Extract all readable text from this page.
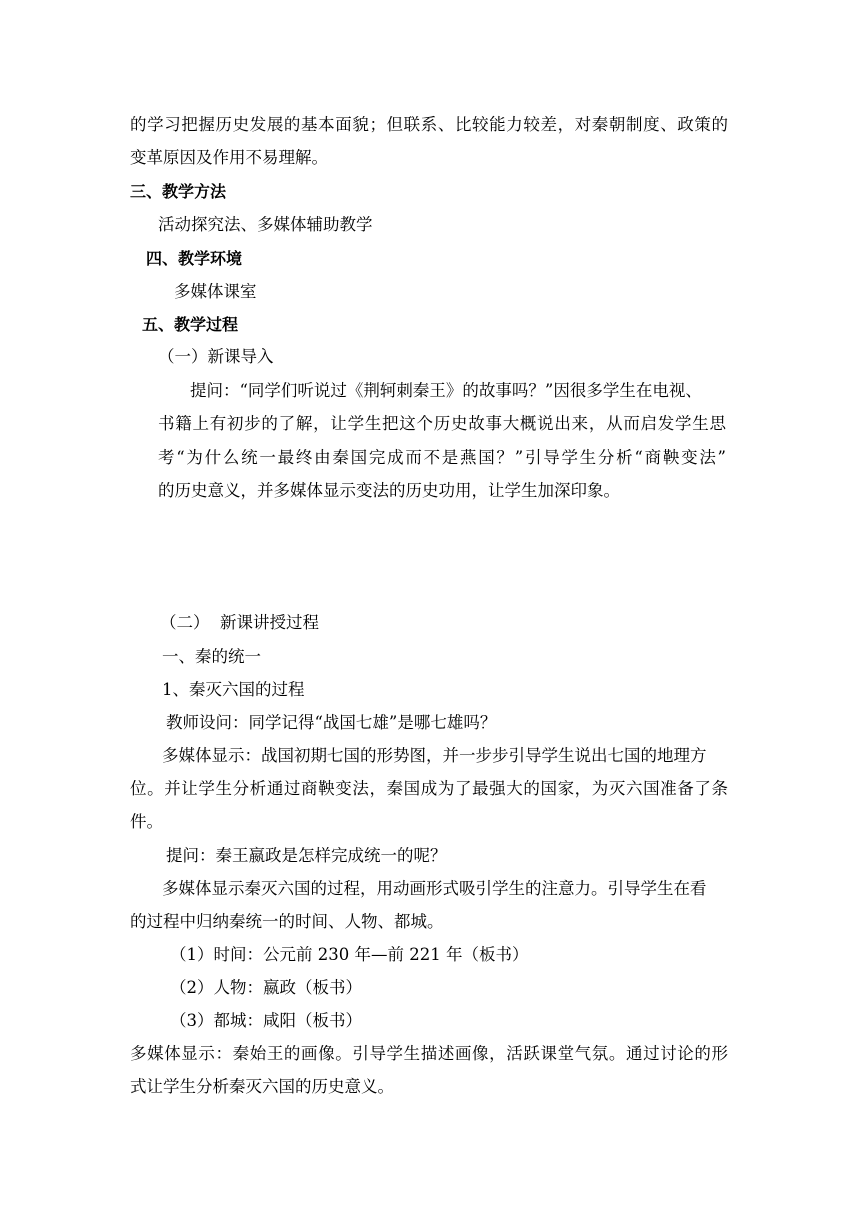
的学习把握历史发展的基本面貌；但联系、比较能力较差，对秦朝制度、政策的
变革原因及作用不易理解。
三、教学方法
活动探究法、多媒体辅助教学
四、教学环境
多媒体课室
五、教学过程
（一）新课导入
提问：“同学们听说过《荆轲刺秦王》的故事吗？”因很多学生在电视、
书籍上有初步的了解，让学生把这个历史故事大概说出来，从而启发学生思
考“为什么统一最终由秦国完成而不是燕国？”引导学生分析“商鞅变法”
的历史意义，并多媒体显示变法的历史功用，让学生加深印象。
（二）  新课讲授过程
一、秦的统一
1、秦灭六国的过程
教师设问：同学记得“战国七雄”是哪七雄吗？
多媒体显示：战国初期七国的形势图，并一步步引导学生说出七国的地理方
位。并让学生分析通过商鞅变法，秦国成为了最强大的国家，为灭六国准备了条
件。
提问：秦王嬴政是怎样完成统一的呢？
多媒体显示秦灭六国的过程，用动画形式吸引学生的注意力。引导学生在看
的过程中归纳秦统一的时间、人物、都城。
（1）时间：公元前 230 年—前 221 年（板书）
（2）人物：嬴政（板书）
（3）都城：咸阳（板书）
多媒体显示：秦始王的画像。引导学生描述画像，活跃课堂气氛。通过讨论的形
式让学生分析秦灭六国的历史意义。
